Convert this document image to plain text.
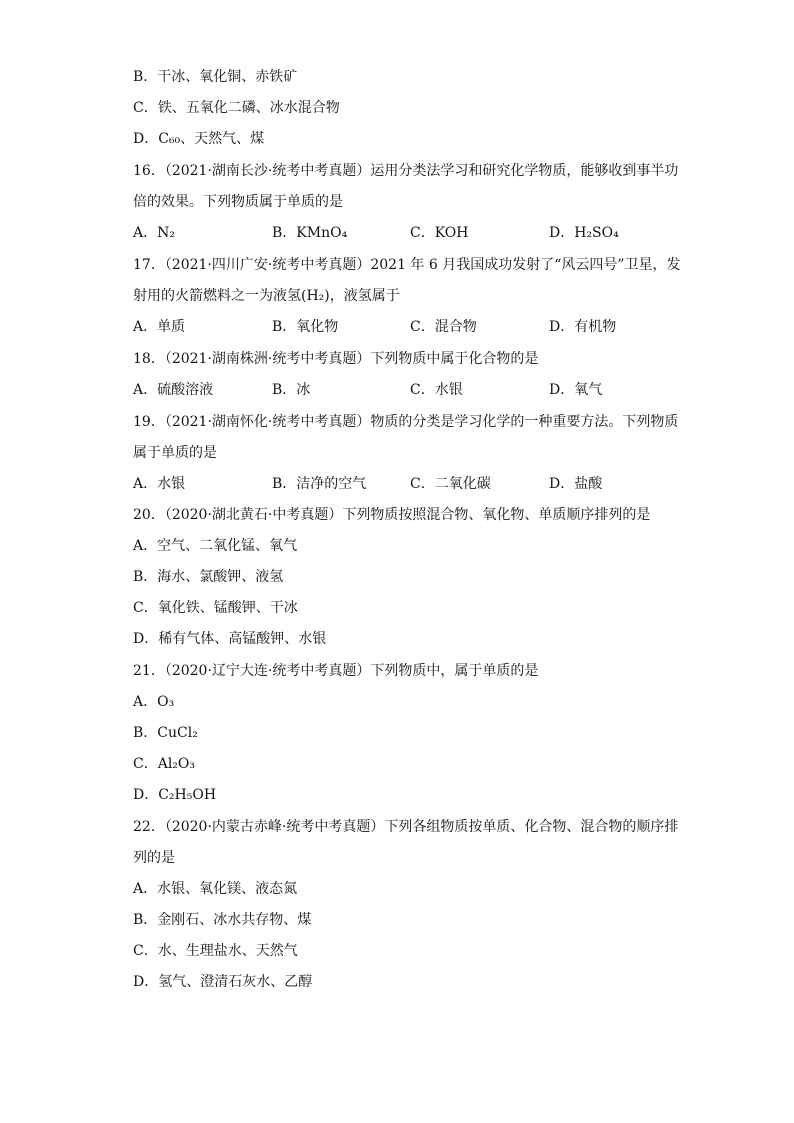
B．干冰、氧化铜、赤铁矿
C．铁、五氧化二磷、冰水混合物
D．C₆₀、天然气、煤
16．（2021·湖南长沙·统考中考真题）运用分类法学习和研究化学物质，能够收到事半功
倍的效果。下列物质属于单质的是
A．N₂	B．KMnO₄	C．KOH	D．H₂SO₄
17．（2021·四川广安·统考中考真题）2021 年 6 月我国成功发射了“风云四号”卫星，发
射用的火箭燃料之一为液氢(H₂)，液氢属于
A．单质	B．氧化物	C．混合物	D．有机物
18．（2021·湖南株洲·统考中考真题）下列物质中属于化合物的是
A．硫酸溶液	B．冰	C．水银	D．氧气
19．（2021·湖南怀化·统考中考真题）物质的分类是学习化学的一种重要方法。下列物质
属于单质的是
A．水银	B．洁净的空气	C．二氧化碳	D．盐酸
20．（2020·湖北黄石·中考真题）下列物质按照混合物、氧化物、单质顺序排列的是
A．空气、二氧化锰、氧气
B．海水、氯酸钾、液氢
C．氧化铁、锰酸钾、干冰
D．稀有气体、高锰酸钾、水银
21．（2020·辽宁大连·统考中考真题）下列物质中，属于单质的是
A．O₃
B．CuCl₂
C．Al₂O₃
D．C₂H₅OH
22．（2020·内蒙古赤峰·统考中考真题）下列各组物质按单质、化合物、混合物的顺序排
列的是
A．水银、氧化镁、液态氮
B．金刚石、冰水共存物、煤
C．水、生理盐水、天然气
D．氢气、澄清石灰水、乙醇
